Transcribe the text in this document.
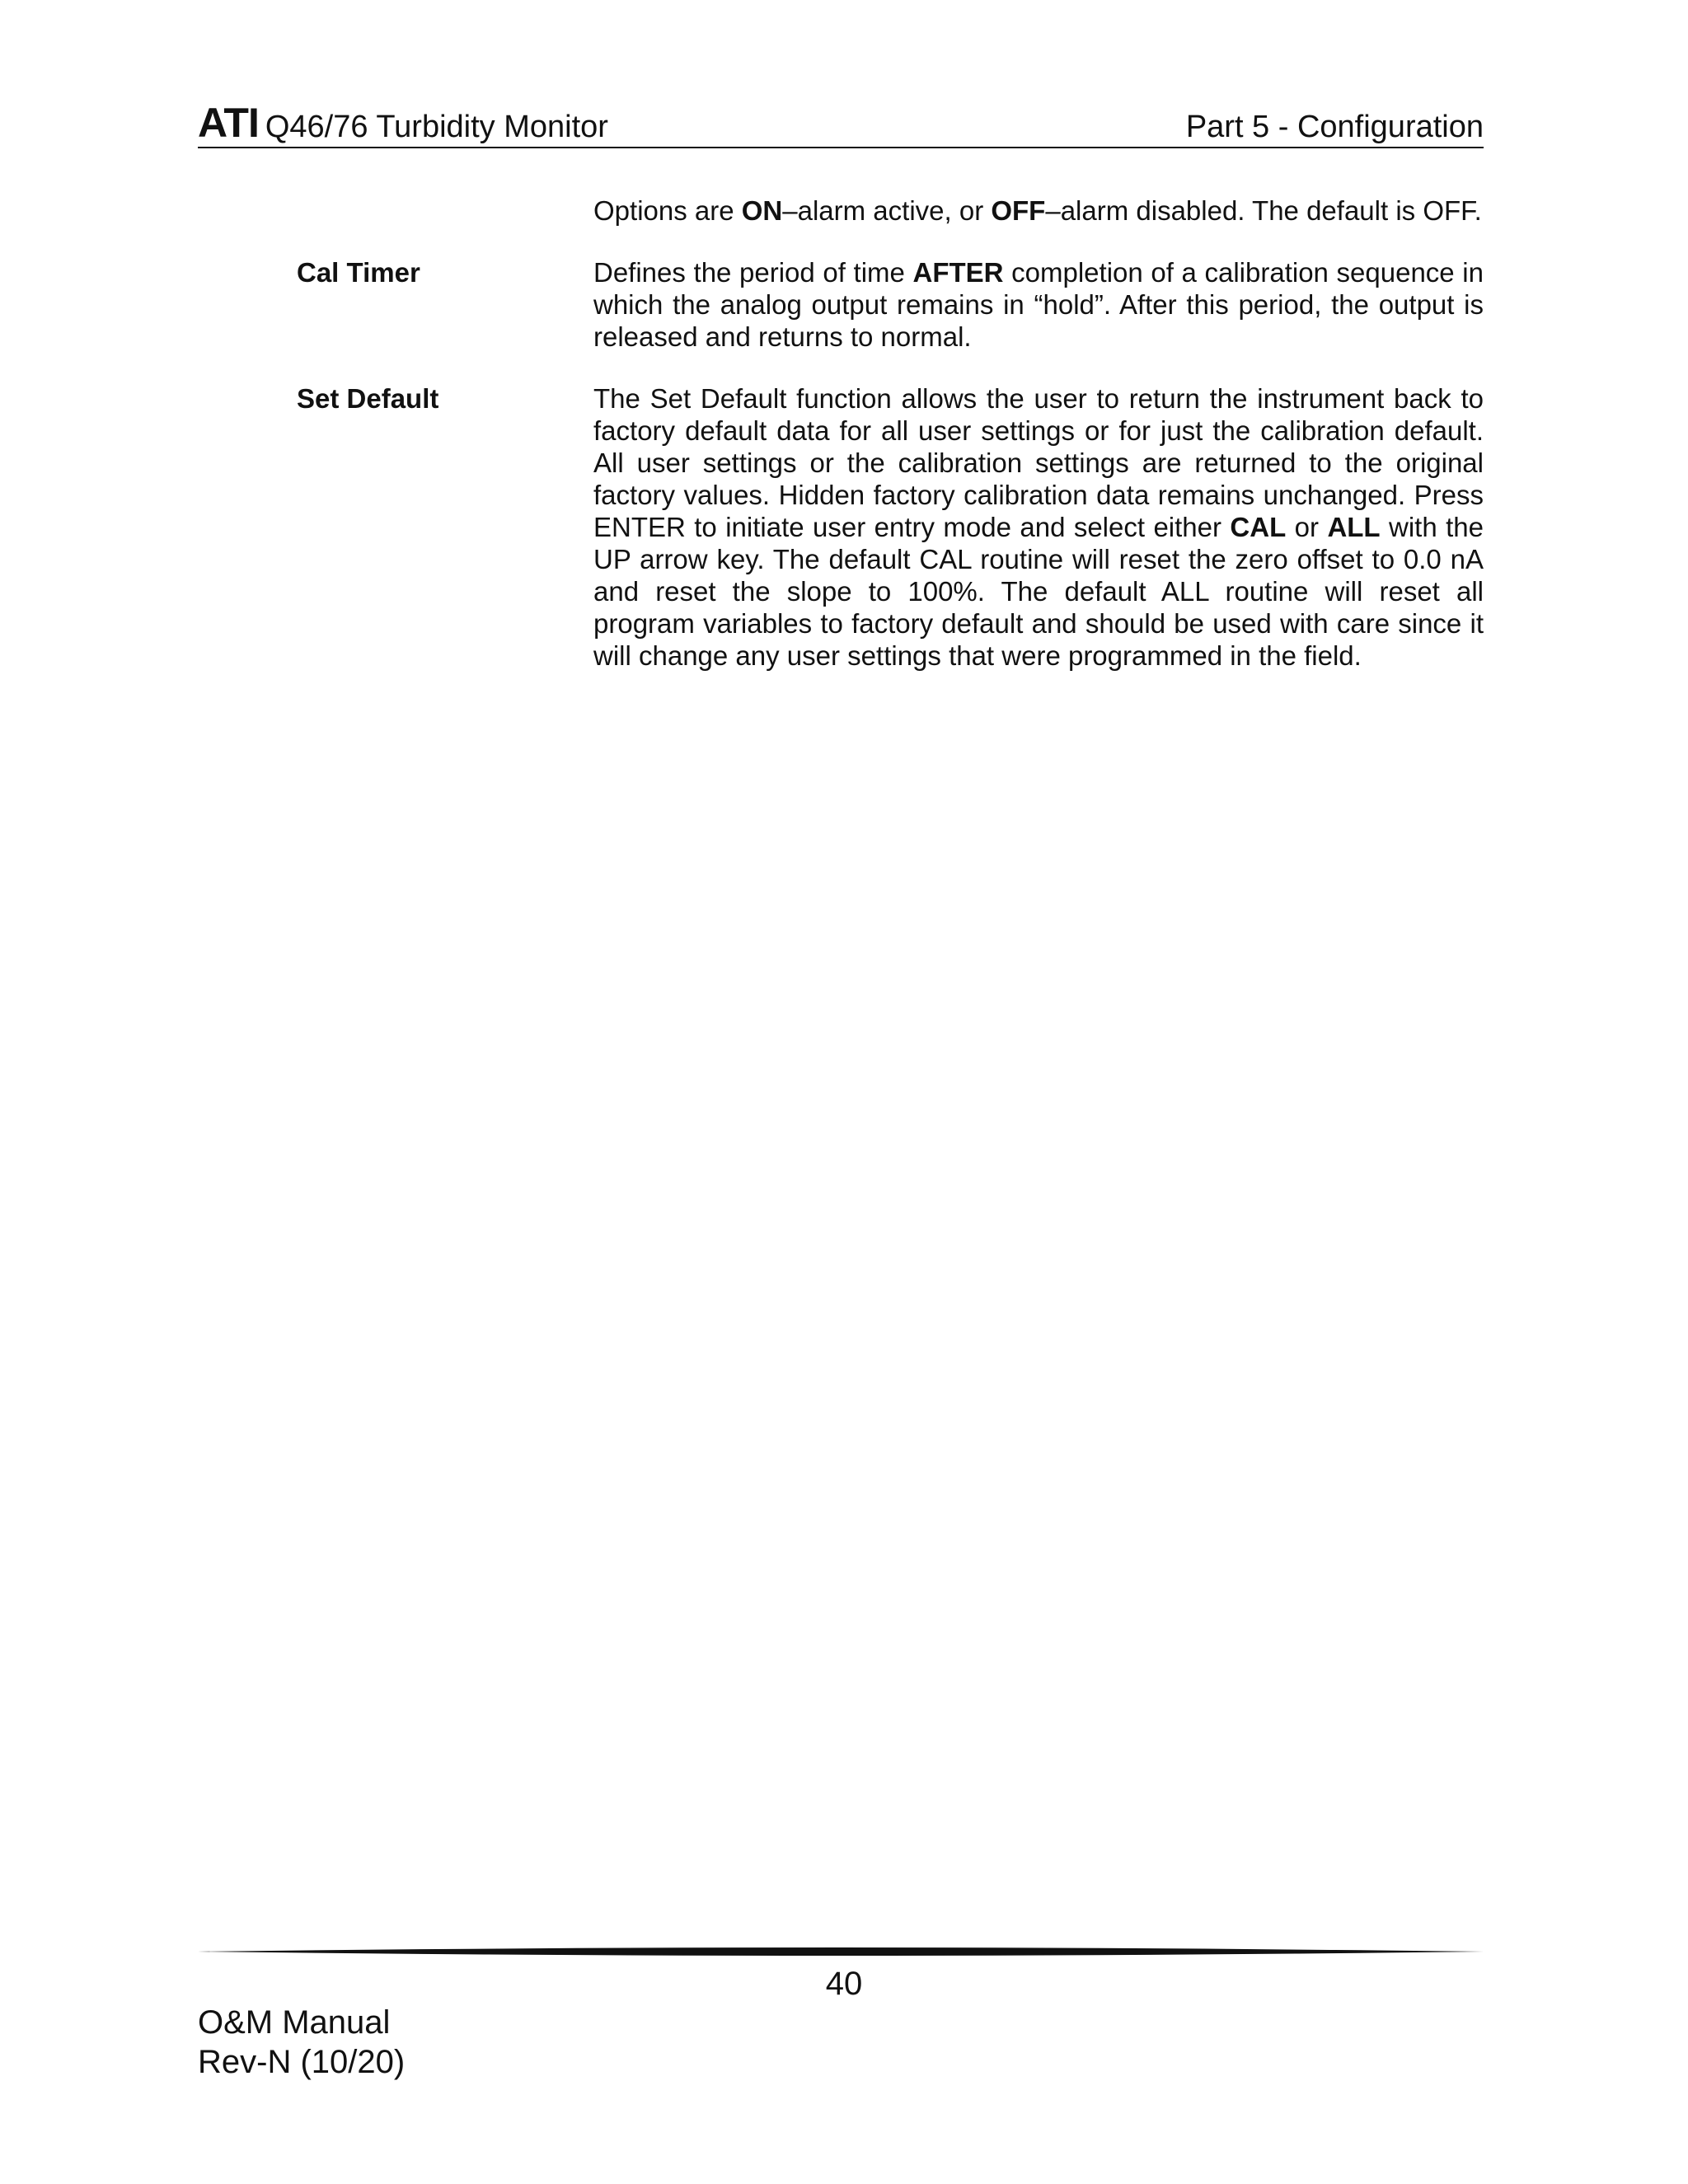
ATI Q46/76 Turbidity Monitor	Part 5 - Configuration
Options are ON–alarm active, or OFF–alarm disabled. The default is OFF.
Cal Timer	Defines the period of time AFTER completion of a calibration sequence in which the analog output remains in “hold”. After this period, the output is released and returns to normal.
Set Default	The Set Default function allows the user to return the instrument back to factory default data for all user settings or for just the calibration default. All user settings or the calibration settings are returned to the original factory values. Hidden factory calibration data remains unchanged. Press ENTER to initiate user entry mode and select either CAL or ALL with the UP arrow key. The default CAL routine will reset the zero offset to 0.0 nA and reset the slope to 100%. The default ALL routine will reset all program variables to factory default and should be used with care since it will change any user settings that were programmed in the field.
40
O&M Manual
Rev-N (10/20)
